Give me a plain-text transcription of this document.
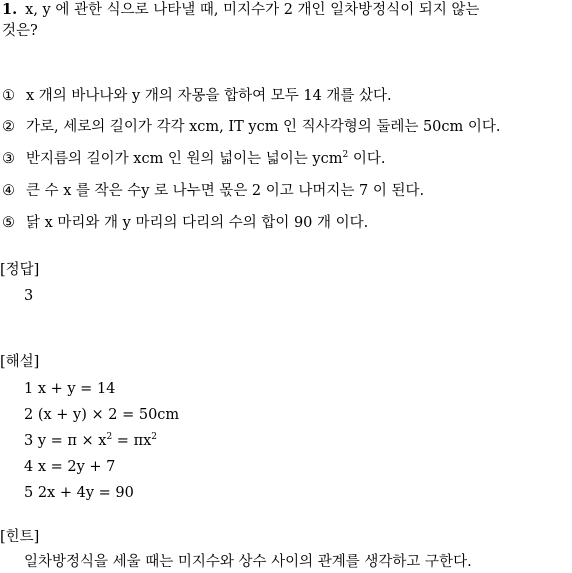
1. x, y 에 관한 식으로 나타낼 때, 미지수가 2 개인 일차방정식이 되지 않는
것은?
① x 개의 바나나와 y 개의 자몽을 합하여 모두 14 개를 샀다.
② 가로, 세로의 길이가 각각 xcm, IT ycm 인 직사각형의 둘레는 50cm 이다.
③ 반지름의 길이가 xcm 인 원의 넓이는 넓이는 ycm$^2$ 이다.
④ 큰 수 x 를 작은 수y 로 나누면 몫은 2 이고 나머지는 7 이 된다.
⑤ 닭 x 마리와 개 y 마리의 다리의 수의 합이 90 개 이다.
[정답]
3
[해설]
1 x + y = 14
2 (x + y) × 2 = 50cm
3 $y = \pi \times x^2 = \pi x^2$
4 x = 2y + 7
5 2x + 4y = 90
[힌트]
일차방정식을 세울 때는 미지수와 상수 사이의 관계를 생각하고 구한다.
